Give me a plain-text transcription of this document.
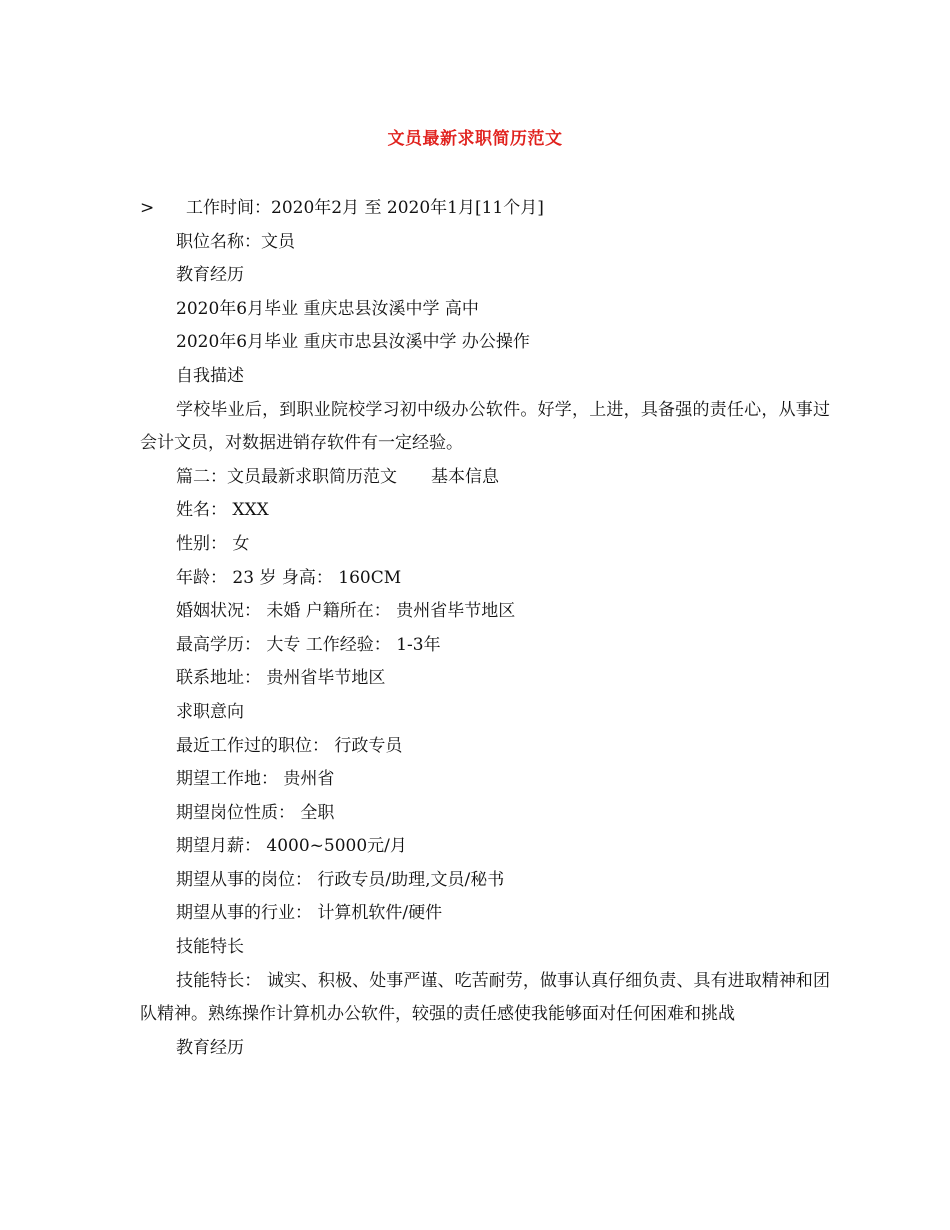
文员最新求职简历范文

> 工作时间：2020年2月 至 2020年1月[11个月]

职位名称：文员

教育经历

2020年6月毕业 重庆忠县汝溪中学 高中

2020年6月毕业 重庆市忠县汝溪中学 办公操作

自我描述

学校毕业后，到职业院校学习初中级办公软件。好学，上进，具备强的责任心，从事过会计文员，对数据进销存软件有一定经验。

篇二：文员最新求职简历范文　　基本信息

姓名： XXX

性别： 女

年龄： 23 岁 身高： 160CM

婚姻状况： 未婚 户籍所在： 贵州省毕节地区

最高学历： 大专 工作经验： 1-3年

联系地址： 贵州省毕节地区

求职意向

最近工作过的职位： 行政专员

期望工作地： 贵州省

期望岗位性质： 全职

期望月薪： 4000~5000元/月

期望从事的岗位： 行政专员/助理,文员/秘书

期望从事的行业： 计算机软件/硬件

技能特长

技能特长： 诚实、积极、处事严谨、吃苦耐劳，做事认真仔细负责、具有进取精神和团队精神。熟练操作计算机办公软件，较强的责任感使我能够面对任何困难和挑战

教育经历
